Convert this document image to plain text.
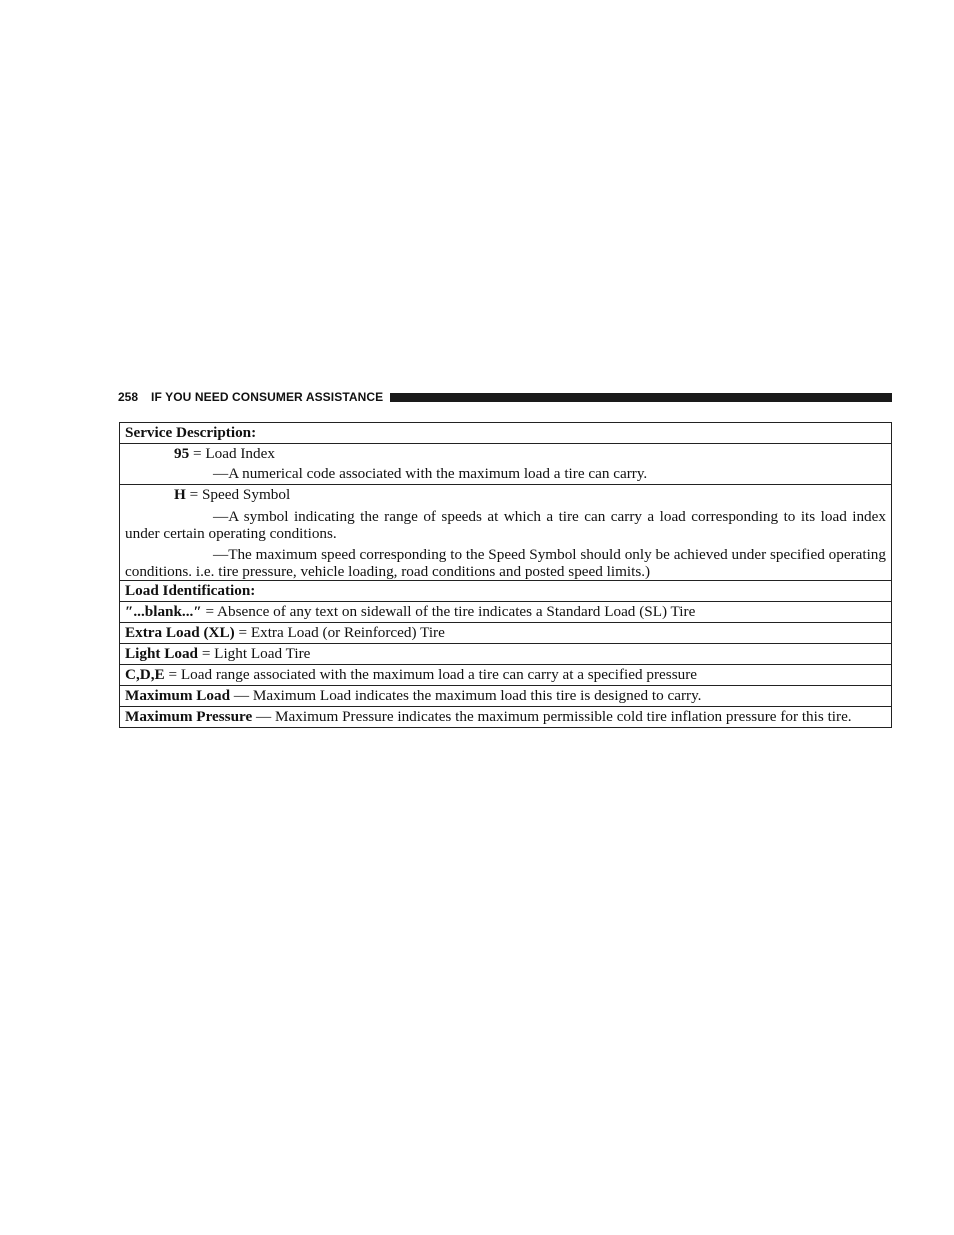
258 IF YOU NEED CONSUMER ASSISTANCE
Service Description:

95 = Load Index
—A numerical code associated with the maximum load a tire can carry.

H = Speed Symbol
—A symbol indicating the range of speeds at which a tire can carry a load corresponding to its load index under certain operating conditions.
—The maximum speed corresponding to the Speed Symbol should only be achieved under specified operating conditions. i.e. tire pressure, vehicle loading, road conditions and posted speed limits.)

Load Identification:
″...blank...″ = Absence of any text on sidewall of the tire indicates a Standard Load (SL) Tire
Extra Load (XL) = Extra Load (or Reinforced) Tire
Light Load = Light Load Tire
C,D,E = Load range associated with the maximum load a tire can carry at a specified pressure
Maximum Load — Maximum Load indicates the maximum load this tire is designed to carry.
Maximum Pressure — Maximum Pressure indicates the maximum permissible cold tire inflation pressure for this tire.
